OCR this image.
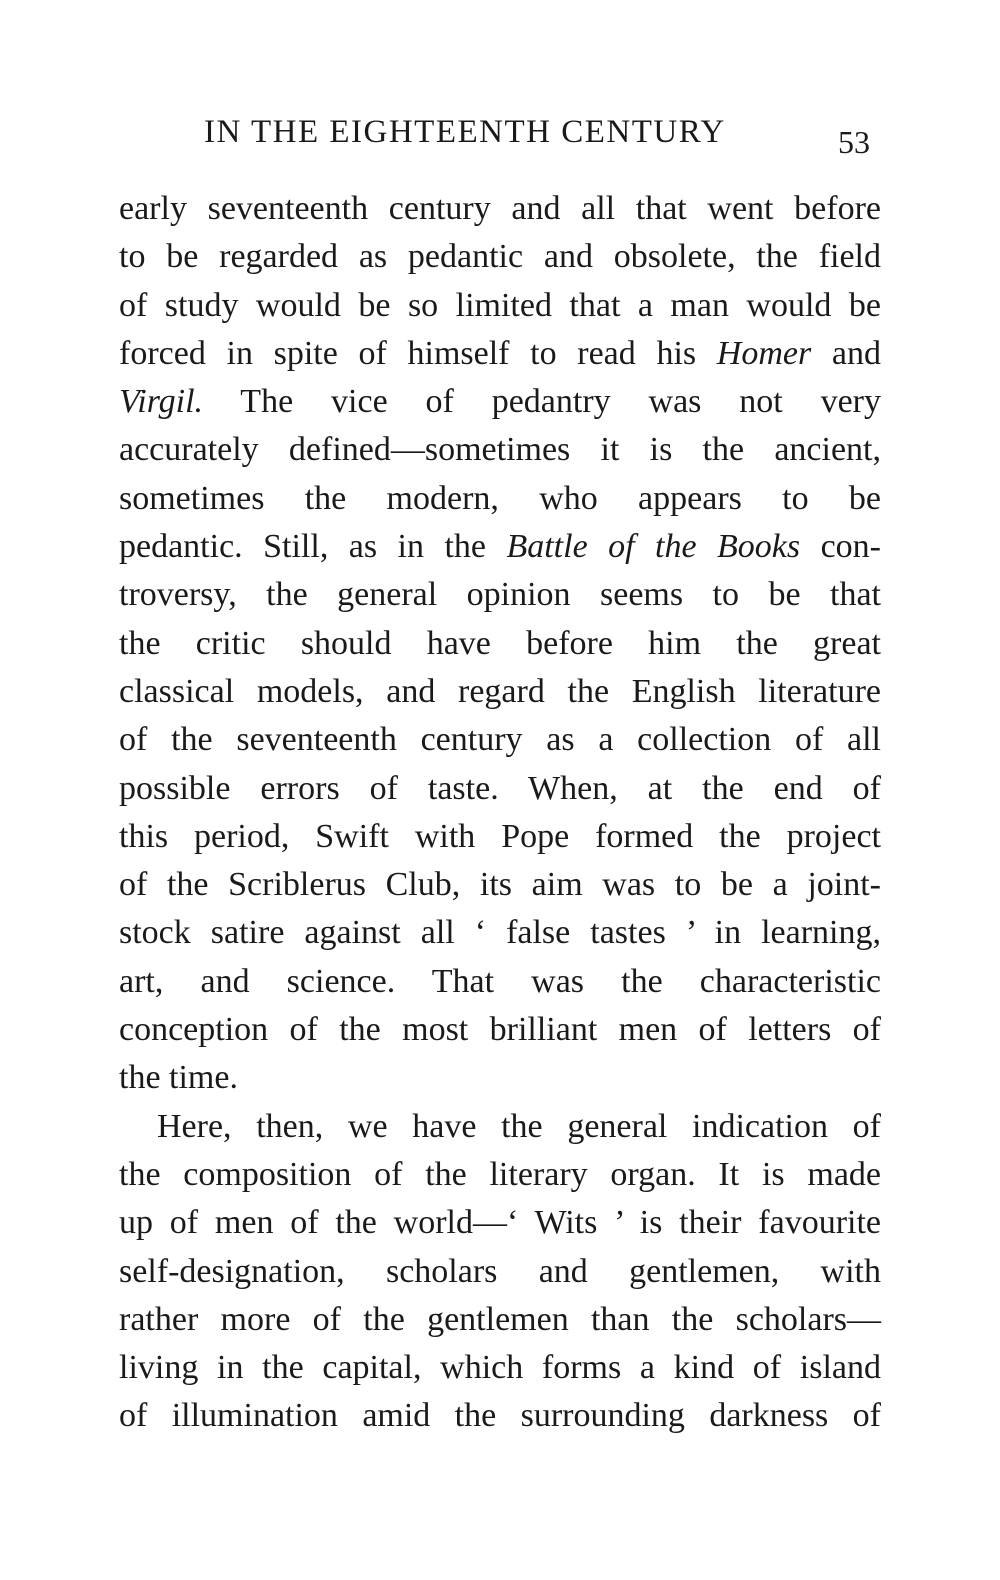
IN THE EIGHTEENTH CENTURY	53
early seventeenth century and all that went before
to be regarded as pedantic and obsolete, the field
of study would be so limited that a man would be
forced in spite of himself to read his Homer and
Virgil. The vice of pedantry was not very
accurately defined—sometimes it is the ancient,
sometimes the modern, who appears to be
pedantic. Still, as in the Battle of the Books con-
troversy, the general opinion seems to be that
the critic should have before him the great
classical models, and regard the English literature
of the seventeenth century as a collection of all
possible errors of taste. When, at the end of
this period, Swift with Pope formed the project
of the Scriblerus Club, its aim was to be a joint-
stock satire against all ‘ false tastes ’ in learning,
art, and science. That was the characteristic
conception of the most brilliant men of letters of
the time.
Here, then, we have the general indication of
the composition of the literary organ. It is made
up of men of the world—‘ Wits ’ is their favourite
self-designation, scholars and gentlemen, with
rather more of the gentlemen than the scholars—
living in the capital, which forms a kind of island
of illumination amid the surrounding darkness of
